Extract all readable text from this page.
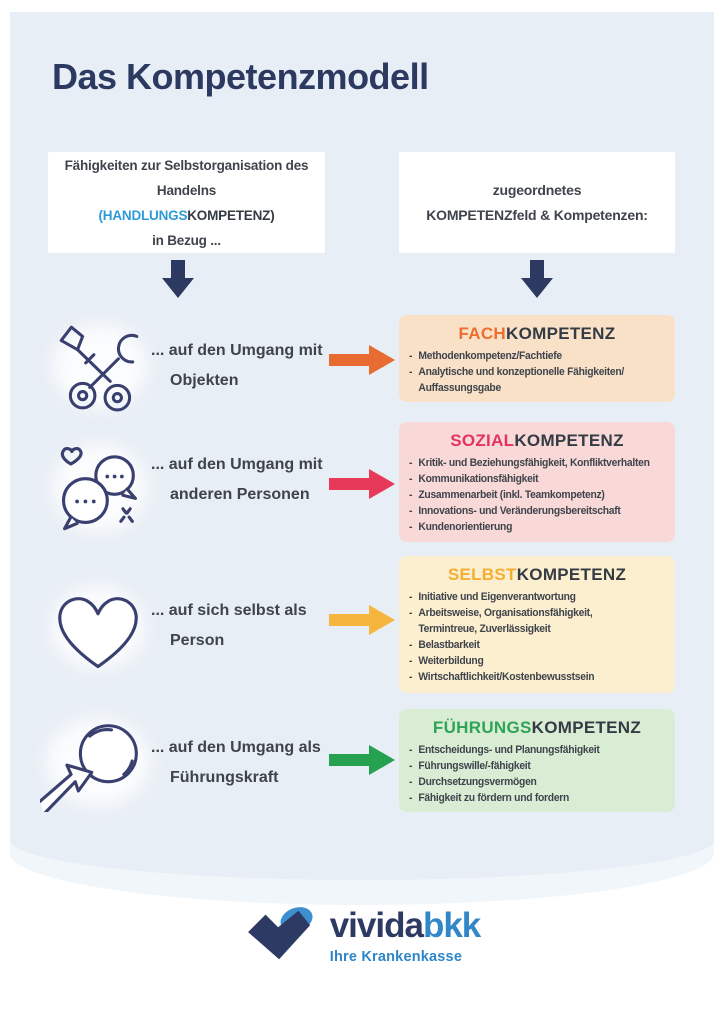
Das Kompetenzmodell
Fähigkeiten zur Selbstorganisation des
Handelns
(HANDLUNGSKOMPETENZ)
in Bezug ...
zugeordnetes
KOMPETENZfeld & Kompetenzen:
... auf den Umgang mit
Objekten
FACHKOMPETENZ
- Methodenkompetenz/Fachtiefe
- Analytische und konzeptionelle Fähigkeiten/
Auffassungsgabe
... auf den Umgang mit
anderen Personen
SOZIALKOMPETENZ
- Kritik- und Beziehungsfähigkeit, Konfliktverhalten
- Kommunikationsfähigkeit
- Zusammenarbeit (inkl. Teamkompetenz)
- Innovations- und Veränderungsbereitschaft
- Kundenorientierung
... auf sich selbst als
Person
SELBSTKOMPETENZ
- Initiative und Eigenverantwortung
- Arbeitsweise, Organisationsfähigkeit,
Termintreue, Zuverlässigkeit
- Belastbarkeit
- Weiterbildung
- Wirtschaftlichkeit/Kostenbewusstsein
... auf den Umgang als
Führungskraft
FÜHRUNGSKOMPETENZ
- Entscheidungs- und Planungsfähigkeit
- Führungswille/-fähigkeit
- Durchsetzungsvermögen
- Fähigkeit zu fördern und fordern
vividabkk
Ihre Krankenkasse
